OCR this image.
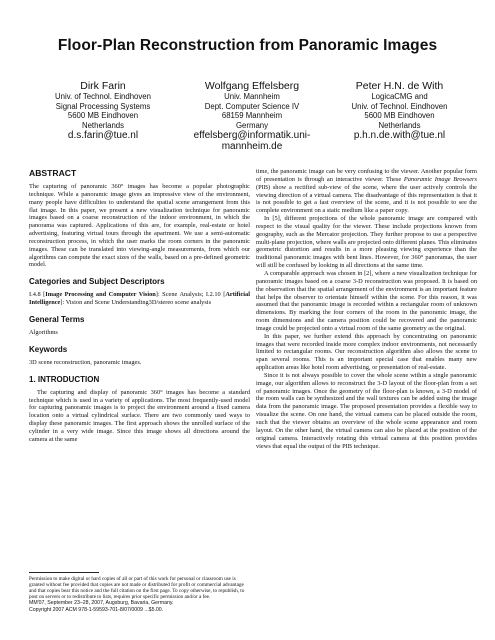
Floor-Plan Reconstruction from Panoramic Images
Dirk Farin
Univ. of Technol. Eindhoven
Signal Processing Systems
5600 MB Eindhoven
Netherlands
d.s.farin@tue.nl
Wolfgang Effelsberg
Univ. Mannheim
Dept. Computer Science IV
68159 Mannheim
Germany
effelsberg@informatik.uni-mannheim.de
Peter H.N. de With
LogicaCMG and
Univ. of Technol. Eindhoven
5600 MB Eindhoven
Netherlands
p.h.n.de.with@tue.nl
ABSTRACT

The capturing of panoramic 360° images has become a popular photographic technique. While a panoramic image gives an impressive view of the environment, many people have difficulties to understand the spatial scene arrangement from this flat image. In this paper, we present a new visualization technique for panoramic images based on a coarse reconstruction of the indoor environment, in which the panorama was captured. Applications of this are, for example, real-estate or hotel advertising, featuring virtual tours through the apartment. We use a semi-automatic reconstruction process, in which the user marks the room corners in the panoramic images. These can be translated into viewing-angle measurements, from which our algorithms can compute the exact sizes of the walls, based on a pre-defined geometric model.

Categories and Subject Descriptors

I.4.8 [Image Processing and Computer Vision]: Scene Analysis; I.2.10 [Artificial Intelligence]: Vision and Scene Understanding3D/stereo scene analysis

General Terms

Algorithms

Keywords

3D scene reconstruction, panoramic images.

1. INTRODUCTION

The capturing and display of panoramic 360° images has become a standard technique which is used in a variety of applications. The most frequently-used model for capturing panoramic images is to project the environment around a fixed camera location onto a virtual cylindrical surface. There are two commonly used ways to display these panoramic images. The first approach shows the unrolled surface of the cylinder in a very wide image. Since this image shows all directions around the camera at the same

Permission to make digital or hard copies of all or part of this work for personal or classroom use is granted without fee provided that copies are not made or distributed for profit or commercial advantage and that copies bear this notice and the full citation on the first page. To copy otherwise, to republish, to post on servers or to redistribute to lists, requires prior specific permission and/or a fee.
MM'07, September 23–28, 2007, Augsburg, Bavaria, Germany.
Copyright 2007 ACM 978-1-59593-701-8/07/0009 ...$5.00.

time, the panoramic image can be very confusing to the viewer. Another popular form of presentation is through an interactive viewer. These Panoramic Image Browsers (PIB) show a rectified sub-view of the scene, where the user actively controls the viewing direction of a virtual camera. The disadvantage of this representation is that it is not possible to get a fast overview of the scene, and it is not possible to see the complete environment on a static medium like a paper copy.

In [5], different projections of the whole panoramic image are compared with respect to the visual quality for the viewer. These include projections known from geography, such as the Mercator projection. They further propose to use a perspective multi-plane projection, where walls are projected onto different planes. This eliminates geometric distortion and results in a more pleasing viewing experience than the traditional panoramic images with bent lines. However, for 360° panoramas, the user will still be confused by looking in all directions at the same time.

A comparable approach was chosen in [2], where a new visualization technique for panoramic images based on a coarse 3-D reconstruction was proposed. It is based on the observation that the spatial arrangement of the environment is an important feature that helps the observer to orientate himself within the scene. For this reason, it was assumed that the panoramic image is recorded within a rectangular room of unknown dimensions. By marking the four corners of the room in the panoramic image, the room dimensions and the camera position could be recovered and the panoramic image could be projected onto a virtual room of the same geometry as the original.

In this paper, we further extend this approach by concentrating on panoramic images that were recorded inside more complex indoor environments, not necessarily limited to rectangular rooms. Our reconstruction algorithm also allows the scene to span several rooms. This is an important special case that enables many new application areas like hotel room advertising, or presentation of real-estate.

Since it is not always possible to cover the whole scene within a single panoramic image, our algorithm allows to reconstruct the 3-D layout of the floor-plan from a set of panoramic images. Once the geometry of the floor-plan is known, a 3-D model of the room walls can be synthesized and the wall textures can be added using the image data from the panoramic image. The proposed presentation provides a flexible way to visualize the scene. On one hand, the virtual camera can be placed outside the room, such that the viewer obtains an overview of the whole scene appearance and room layout. On the other hand, the virtual camera can also be placed at the position of the original camera. Interactively rotating this virtual camera at this position provides views that equal the output of the PIB technique.
